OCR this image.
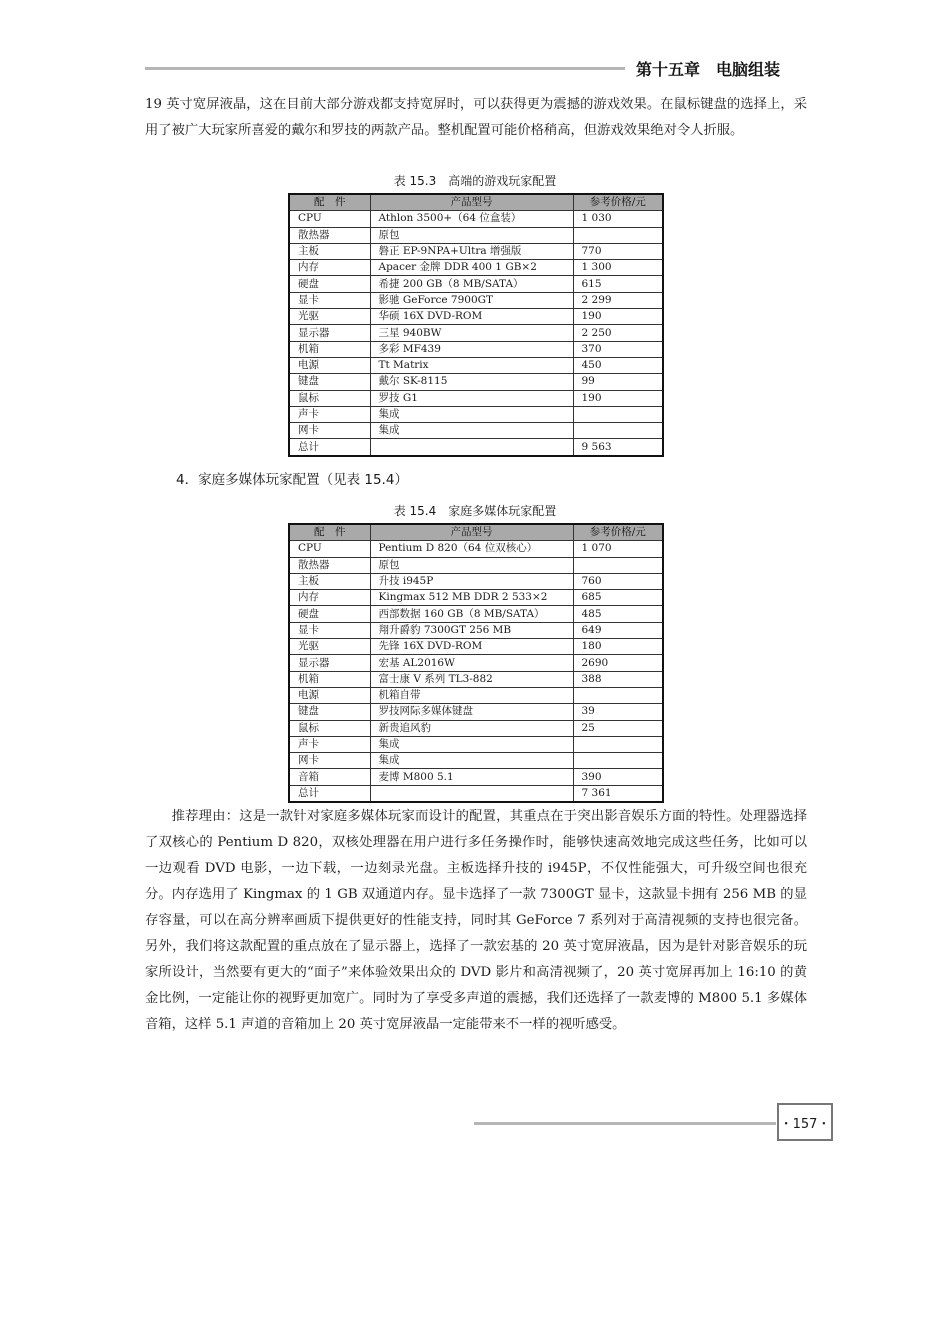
第十五章　电脑组装

19 英寸宽屏液晶，这在目前大部分游戏都支持宽屏时，可以获得更为震撼的游戏效果。在鼠标键盘的选择上，采用了被广大玩家所喜爱的戴尔和罗技的两款产品。整机配置可能价格稍高，但游戏效果绝对令人折服。

表 15.3　高端的游戏玩家配置
配　件	产品型号	参考价格/元
CPU	Athlon 3500+（64 位盒装）	1 030
散热器	原包	
主板	磐正 EP-9NPA+Ultra 增强版	770
内存	Apacer 金牌 DDR 400 1 GB×2	1 300
硬盘	希捷 200 GB（8 MB/SATA）	615
显卡	影驰 GeForce 7900GT	2 299
光驱	华硕 16X DVD-ROM	190
显示器	三星 940BW	2 250
机箱	多彩 MF439	370
电源	Tt Matrix	450
键盘	戴尔 SK-8115	99
鼠标	罗技 G1	190
声卡	集成	
网卡	集成	
总计		9 563
4．家庭多媒体玩家配置（见表 15.4）
表 15.4　家庭多媒体玩家配置
配　件	产品型号	参考价格/元
CPU	Pentium D 820（64 位双核心）	1 070
散热器	原包	
主板	升技 i945P	760
内存	Kingmax 512 MB DDR 2 533×2	685
硬盘	西部数据 160 GB（8 MB/SATA）	485
显卡	翔升爵豹 7300GT 256 MB	649
光驱	先锋 16X DVD-ROM	180
显示器	宏基 AL2016W	2690
机箱	富士康 V 系列 TL3-882	388
电源	机箱自带	
键盘	罗技网际多媒体键盘	39
鼠标	新贵追风豹	25
声卡	集成	
网卡	集成	
音箱	麦博 M800 5.1	390
总计		7 361

推荐理由：这是一款针对家庭多媒体玩家而设计的配置，其重点在于突出影音娱乐方面的特性。处理器选择了双核心的 Pentium D 820，双核处理器在用户进行多任务操作时，能够快速高效地完成这些任务，比如可以一边观看 DVD 电影，一边下载，一边刻录光盘。主板选择升技的 i945P，不仅性能强大，可升级空间也很充分。内存选用了 Kingmax 的 1 GB 双通道内存。显卡选择了一款 7300GT 显卡，这款显卡拥有 256 MB 的显存容量，可以在高分辨率画质下提供更好的性能支持，同时其 GeForce 7 系列对于高清视频的支持也很完备。另外，我们将这款配置的重点放在了显示器上，选择了一款宏基的 20 英寸宽屏液晶，因为是针对影音娱乐的玩家所设计，当然要有更大的“面子”来体验效果出众的 DVD 影片和高清视频了，20 英寸宽屏再加上 16:10 的黄金比例，一定能让你的视野更加宽广。同时为了享受多声道的震撼，我们还选择了一款麦博的 M800 5.1 多媒体音箱，这样 5.1 声道的音箱加上 20 英寸宽屏液晶一定能带来不一样的视听感受。

・157・
